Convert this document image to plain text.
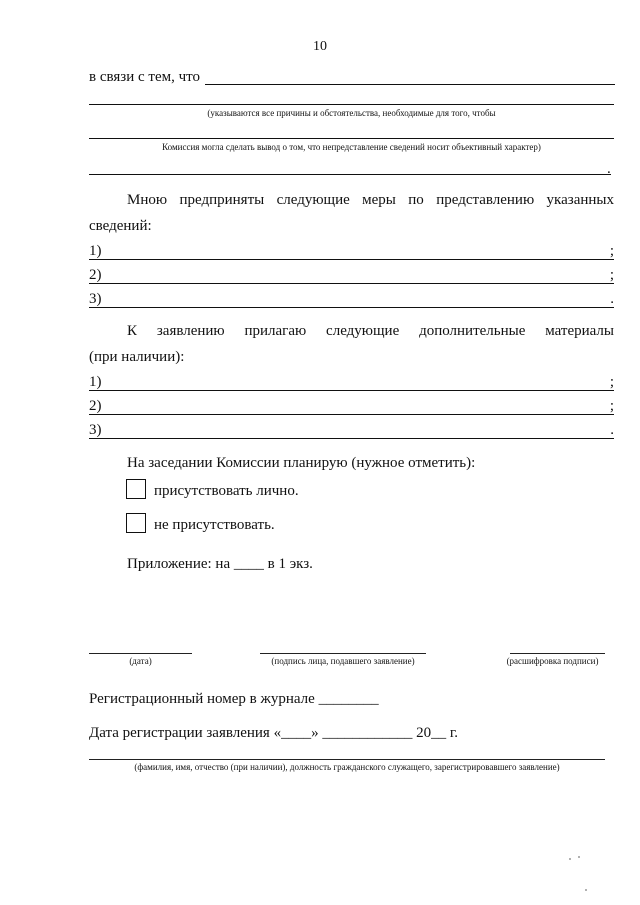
10
в связи с тем, что
(указываются все причины и обстоятельства, необходимые для того, чтобы
Комиссия могла сделать вывод о том, что непредставление сведений носит объективный характер)
.
Мною предприняты следующие меры по представлению указанных
сведений:
1)	;
2)	;
3)	.
К заявлению прилагаю следующие дополнительные материалы
(при наличии):
1)	;
2)	;
3)	.
На заседании Комиссии планирую (нужное отметить):
присутствовать лично.
не присутствовать.
Приложение: на ____ в 1 экз.
(дата)	(подпись лица, подавшего заявление)	(расшифровка подписи)
Регистрационный номер в журнале ________
Дата регистрации заявления «____» ____________ 20__ г.
(фамилия, имя, отчество (при наличии), должность гражданского служащего, зарегистрировавшего заявление)
